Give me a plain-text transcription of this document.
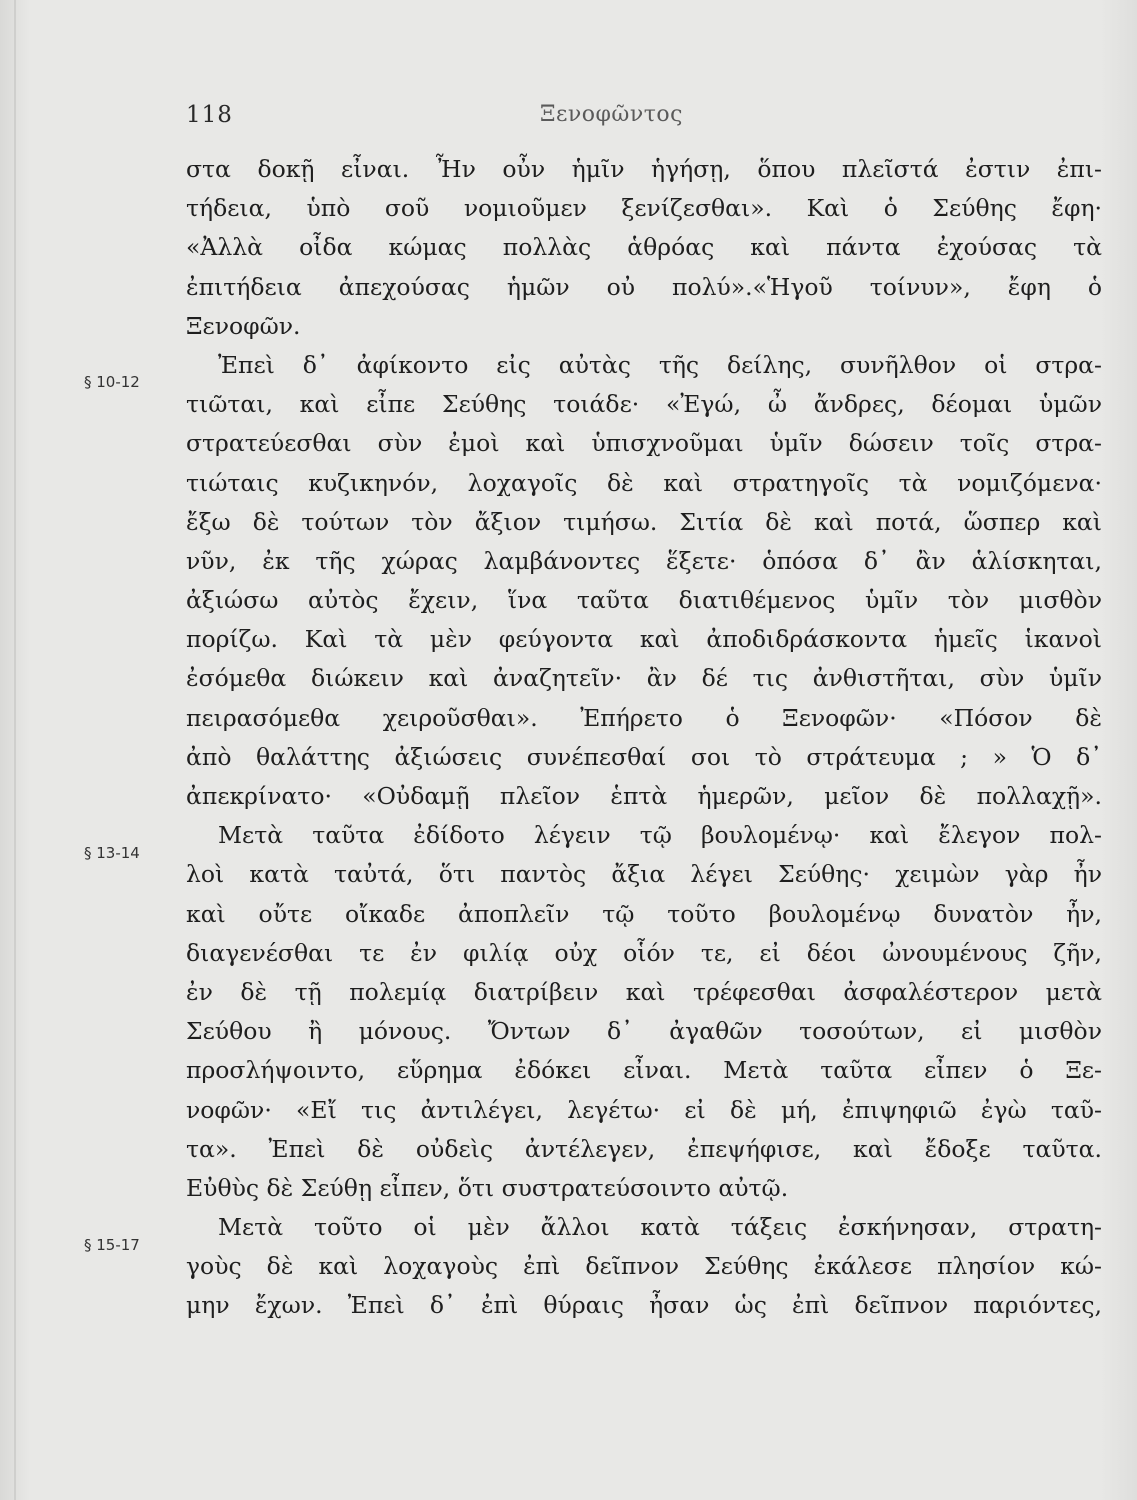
118	Ξενοφῶντος
§ 10-12
§ 13-14
§ 15-17
στα δοκῇ εἶναι. Ἦν οὖν ἡμῖν ἡγήσῃ, ὅπου πλεῖστά ἐστιν ἐπι-
τήδεια, ὑπὸ σοῦ νομιοῦμεν ξενίζεσθαι». Καὶ ὁ Σεύθης ἔφη·
«Ἀλλὰ οἶδα κώμας πολλὰς ἁθρόας καὶ πάντα ἐχούσας τὰ
ἐπιτήδεια ἀπεχούσας ἡμῶν οὐ πολύ».«Ἡγοῦ τοίνυν», ἔφη ὁ
Ξενοφῶν.
Ἐπεὶ δ᾽ ἀφίκοντο εἰς αὐτὰς τῆς δείλης, συνῆλθον οἱ στρα-
τιῶται, καὶ εἶπε Σεύθης τοιάδε· «Ἐγώ, ὦ ἄνδρες, δέομαι ὑμῶν
στρατεύεσθαι σὺν ἐμοὶ καὶ ὑπισχνοῦμαι ὑμῖν δώσειν τοῖς στρα-
τιώταις κυζικηνόν, λοχαγοῖς δὲ καὶ στρατηγοῖς τὰ νομιζόμενα·
ἔξω δὲ τούτων τὸν ἄξιον τιμήσω. Σιτία δὲ καὶ ποτά, ὥσπερ καὶ
νῦν, ἐκ τῆς χώρας λαμβάνοντες ἕξετε· ὁπόσα δ᾽ ἂν ἁλίσκηται,
ἀξιώσω αὐτὸς ἔχειν, ἵνα ταῦτα διατιθέμενος ὑμῖν τὸν μισθὸν
πορίζω. Καὶ τὰ μὲν φεύγοντα καὶ ἀποδιδράσκοντα ἡμεῖς ἱκανοὶ
ἐσόμεθα διώκειν καὶ ἀναζητεῖν· ἂν δέ τις ἀνθιστῆται, σὺν ὑμῖν
πειρασόμεθα χειροῦσθαι». Ἐπήρετο ὁ Ξενοφῶν· «Πόσον δὲ
ἀπὸ θαλάττης ἀξιώσεις συνέπεσθαί σοι τὸ στράτευμα ; » Ὁ δ᾽
ἀπεκρίνατο· «Οὐδαμῇ πλεῖον ἑπτὰ ἡμερῶν, μεῖον δὲ πολλαχῇ».
Μετὰ ταῦτα ἐδίδοτο λέγειν τῷ βουλομένῳ· καὶ ἔλεγον πολ-
λοὶ κατὰ ταὐτά, ὅτι παντὸς ἄξια λέγει Σεύθης· χειμὼν γὰρ ἦν
καὶ οὔτε οἴκαδε ἀποπλεῖν τῷ τοῦτο βουλομένῳ δυνατὸν ἦν,
διαγενέσθαι τε ἐν φιλίᾳ οὐχ οἷόν τε, εἰ δέοι ὠνουμένους ζῆν,
ἐν δὲ τῇ πολεμίᾳ διατρίβειν καὶ τρέφεσθαι ἀσφαλέστερον μετὰ
Σεύθου ἢ μόνους. Ὄντων δ᾽ ἀγαθῶν τοσούτων, εἰ μισθὸν
προσλήψοιντο, εὕρημα ἐδόκει εἶναι. Μετὰ ταῦτα εἶπεν ὁ Ξε-
νοφῶν· «Εἴ τις ἀντιλέγει, λεγέτω· εἰ δὲ μή, ἐπιψηφιῶ ἐγὼ ταῦ-
τα». Ἐπεὶ δὲ οὐδεὶς ἀντέλεγεν, ἐπεψήφισε, καὶ ἔδοξε ταῦτα.
Εὐθὺς δὲ Σεύθῃ εἶπεν, ὅτι συστρατεύσοιντο αὐτῷ.
Μετὰ τοῦτο οἱ μὲν ἄλλοι κατὰ τάξεις ἐσκήνησαν, στρατη-
γοὺς δὲ καὶ λοχαγοὺς ἐπὶ δεῖπνον Σεύθης ἐκάλεσε πλησίον κώ-
μην ἔχων. Ἐπεὶ δ᾽ ἐπὶ θύραις ἦσαν ὡς ἐπὶ δεῖπνον παριόντες,
